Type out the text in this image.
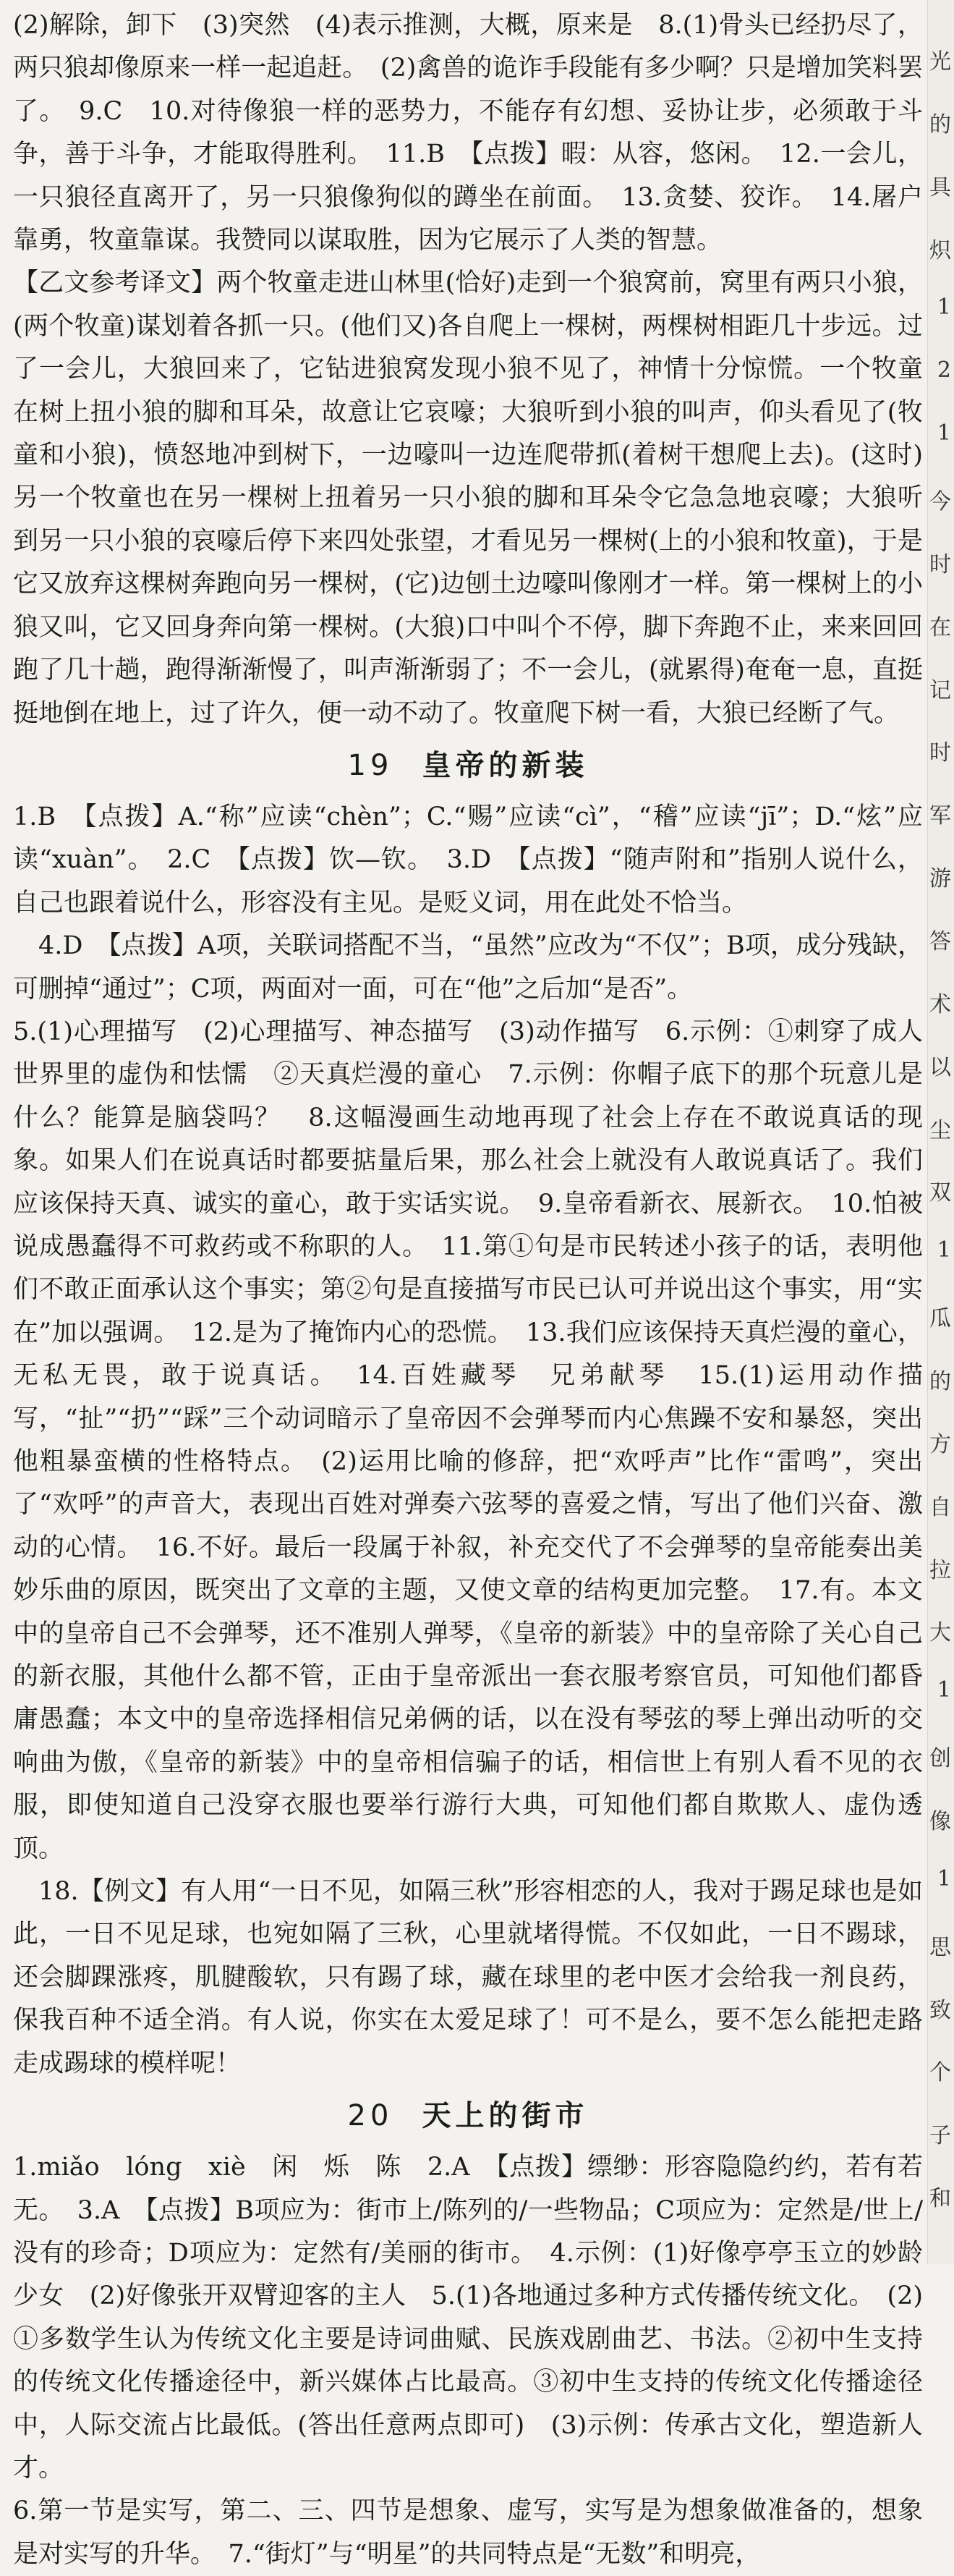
(2)解除，卸下　(3)突然　(4)表示推测，大概，原来是　8.(1)骨头已经扔尽了，两只狼却像原来一样一起追赶。　(2)禽兽的诡诈手段能有多少啊？只是增加笑料罢了。　9.C　10.对待像狼一样的恶势力，不能存有幻想、妥协让步，必须敢于斗争，善于斗争，才能取得胜利。　11.B　【点拨】暇：从容，悠闲。　12.一会儿，一只狼径直离开了，另一只狼像狗似的蹲坐在前面。　13.贪婪、狡诈。　14.屠户靠勇，牧童靠谋。我赞同以谋取胜，因为它展示了人类的智慧。

【乙文参考译文】两个牧童走进山林里(恰好)走到一个狼窝前，窝里有两只小狼，(两个牧童)谋划着各抓一只。(他们又)各自爬上一棵树，两棵树相距几十步远。过了一会儿，大狼回来了，它钻进狼窝发现小狼不见了，神情十分惊慌。一个牧童在树上扭小狼的脚和耳朵，故意让它哀嚎；大狼听到小狼的叫声，仰头看见了(牧童和小狼)，愤怒地冲到树下，一边嚎叫一边连爬带抓(着树干想爬上去)。(这时)另一个牧童也在另一棵树上扭着另一只小狼的脚和耳朵令它急急地哀嚎；大狼听到另一只小狼的哀嚎后停下来四处张望，才看见另一棵树(上的小狼和牧童)，于是它又放弃这棵树奔跑向另一棵树，(它)边刨土边嚎叫像刚才一样。第一棵树上的小狼又叫，它又回身奔向第一棵树。(大狼)口中叫个不停，脚下奔跑不止，来来回回跑了几十趟，跑得渐渐慢了，叫声渐渐弱了；不一会儿，(就累得)奄奄一息，直挺挺地倒在地上，过了许久，便一动不动了。牧童爬下树一看，大狼已经断了气。

19 皇帝的新装

1.B　【点拨】A.“称”应读“chèn”；C.“赐”应读“cì”，“稽”应读“jī”；D.“炫”应读“xuàn”。　2.C　【点拨】饮—钦。　3.D　【点拨】“随声附和”指别人说什么，自己也跟着说什么，形容没有主见。是贬义词，用在此处不恰当。

4.D　【点拨】A项，关联词搭配不当，“虽然”应改为“不仅”；B项，成分残缺，可删掉“通过”；C项，两面对一面，可在“他”之后加“是否”。

5.(1)心理描写　(2)心理描写、神态描写　(3)动作描写　6.示例：①刺穿了成人世界里的虚伪和怯懦　②天真烂漫的童心　7.示例：你帽子底下的那个玩意儿是什么？能算是脑袋吗？　8.这幅漫画生动地再现了社会上存在不敢说真话的现象。如果人们在说真话时都要掂量后果，那么社会上就没有人敢说真话了。我们应该保持天真、诚实的童心，敢于实话实说。　9.皇帝看新衣、展新衣。　10.怕被说成愚蠢得不可救药或不称职的人。　11.第①句是市民转述小孩子的话，表明他们不敢正面承认这个事实；第②句是直接描写市民已认可并说出这个事实，用“实在”加以强调。　12.是为了掩饰内心的恐慌。　13.我们应该保持天真烂漫的童心，无私无畏，敢于说真话。　14.百姓藏琴　兄弟献琴　15.(1)运用动作描写，“扯”“扔”“踩”三个动词暗示了皇帝因不会弹琴而内心焦躁不安和暴怒，突出他粗暴蛮横的性格特点。　(2)运用比喻的修辞，把“欢呼声”比作“雷鸣”，突出了“欢呼”的声音大，表现出百姓对弹奏六弦琴的喜爱之情，写出了他们兴奋、激动的心情。　16.不好。最后一段属于补叙，补充交代了不会弹琴的皇帝能奏出美妙乐曲的原因，既突出了文章的主题，又使文章的结构更加完整。　17.有。本文中的皇帝自己不会弹琴，还不准别人弹琴，《皇帝的新装》中的皇帝除了关心自己的新衣服，其他什么都不管，正由于皇帝派出一套衣服考察官员，可知他们都昏庸愚蠢；本文中的皇帝选择相信兄弟俩的话，以在没有琴弦的琴上弹出动听的交响曲为傲，《皇帝的新装》中的皇帝相信骗子的话，相信世上有别人看不见的衣服，即使知道自己没穿衣服也要举行游行大典，可知他们都自欺欺人、虚伪透顶。

18.【例文】有人用“一日不见，如隔三秋”形容相恋的人，我对于踢足球也是如此，一日不见足球，也宛如隔了三秋，心里就堵得慌。不仅如此，一日不踢球，还会脚踝涨疼，肌腱酸软，只有踢了球，藏在球里的老中医才会给我一剂良药，保我百种不适全消。有人说，你实在太爱足球了！可不是么，要不怎么能把走路走成踢球的模样呢！

20 天上的街市

1.miǎo　lóng　xiè　闲　烁　陈　2.A　【点拨】缥缈：形容隐隐约约，若有若无。　3.A　【点拨】B项应为：街市上/陈列的/一些物品；C项应为：定然是/世上/没有的珍奇；D项应为：定然有/美丽的街市。　4.示例：(1)好像亭亭玉立的妙龄少女　(2)好像张开双臂迎客的主人　5.(1)各地通过多种方式传播传统文化。　(2)①多数学生认为传统文化主要是诗词曲赋、民族戏剧曲艺、书法。②初中生支持的传统文化传播途径中，新兴媒体占比最高。③初中生支持的传统文化传播途径中，人际交流占比最低。(答出任意两点即可)　(3)示例：传承古文化，塑造新人才。

6.第一节是实写，第二、三、四节是想象、虚写，实写是为想象做准备的，想象是对实写的升华。　7.“街灯”与“明星”的共同特点是“无数”和明亮，

光
的
具
炽
1
2
1
今
时
在
记
时
军
游
答
术
以
尘
双
1
瓜
的
方
自
拉
大
1
创
像
1
思
致
个
子
和
